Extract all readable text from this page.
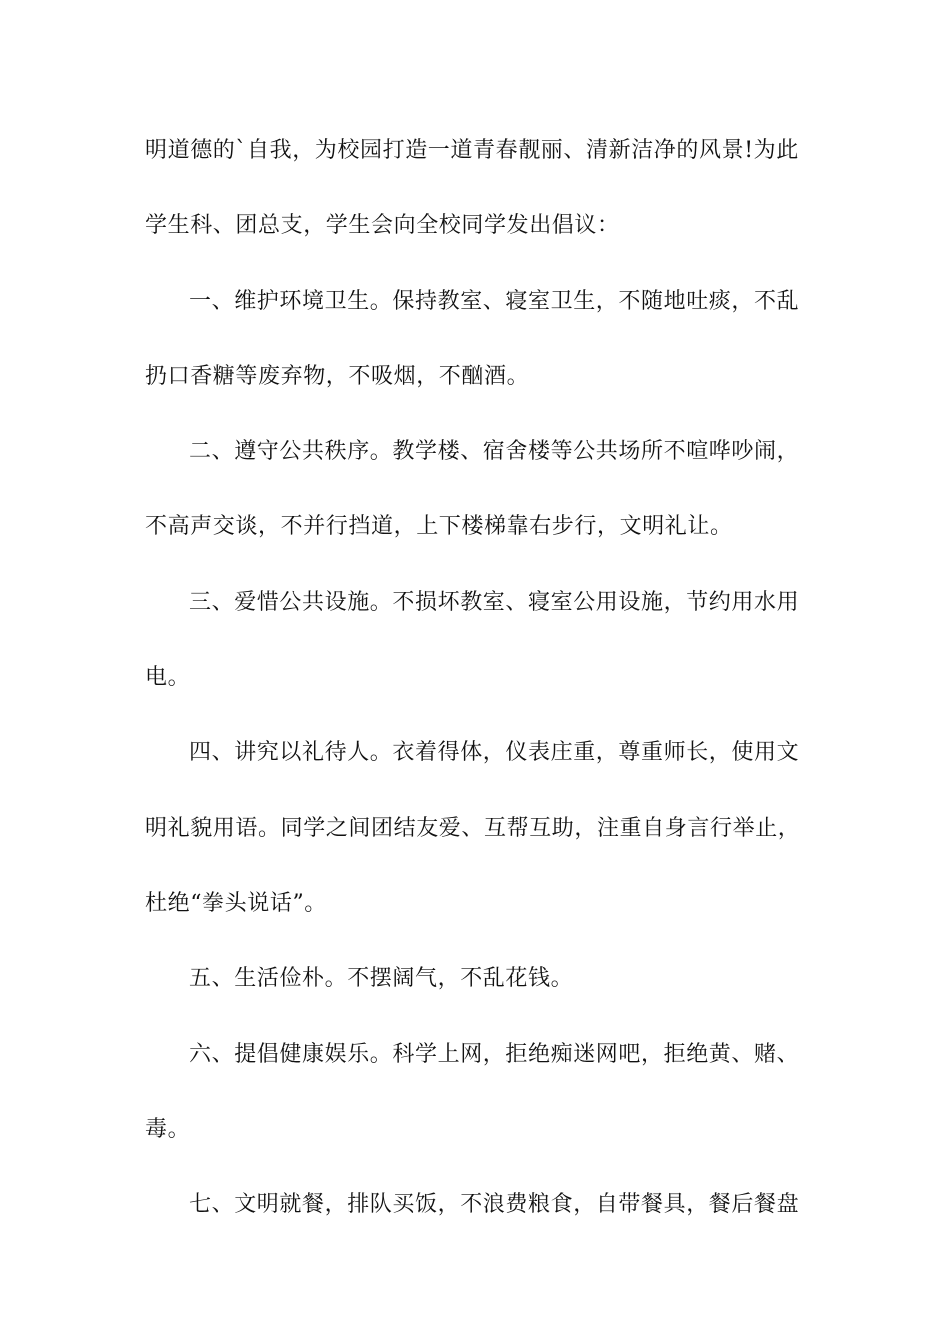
明道德的`自我，为校园打造一道青春靓丽、清新洁净的风景!为此
学生科、团总支，学生会向全校同学发出倡议：
一、维护环境卫生。保持教室、寝室卫生，不随地吐痰，不乱
扔口香糖等废弃物，不吸烟，不酗酒。
二、遵守公共秩序。教学楼、宿舍楼等公共场所不喧哗吵闹，
不高声交谈，不并行挡道，上下楼梯靠右步行，文明礼让。
三、爱惜公共设施。不损坏教室、寝室公用设施，节约用水用
电。
四、讲究以礼待人。衣着得体，仪表庄重，尊重师长，使用文
明礼貌用语。同学之间团结友爱、互帮互助，注重自身言行举止，
杜绝“拳头说话”。
五、生活俭朴。不摆阔气，不乱花钱。
六、提倡健康娱乐。科学上网，拒绝痴迷网吧，拒绝黄、赌、
毒。
七、文明就餐，排队买饭，不浪费粮食，自带餐具，餐后餐盘
